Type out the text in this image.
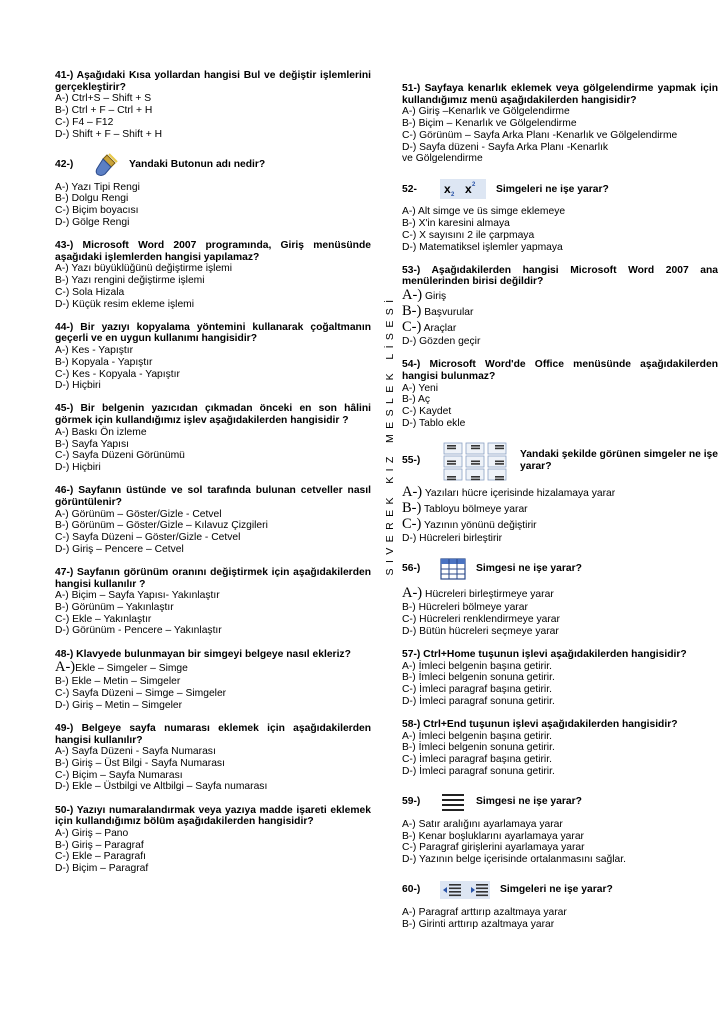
41-) Aşağıdaki Kısa yollardan hangisi Bul ve değiştir işlemlerini gerçekleştirir?
A-) Ctrl+S – Shift + S
B-) Ctrl + F – Ctrl + H
C-) F4 – F12
D-) Shift + F – Shift + H
42-)	Yandaki Butonun adı nedir?
A-) Yazı Tipi Rengi
B-) Dolgu Rengi
C-) Biçim boyacısı
D-) Gölge Rengi
43-) Microsoft Word 2007 programında, Giriş menüsünde aşağıdaki işlemlerden hangisi yapılamaz?
A-) Yazı büyüklüğünü değiştirme işlemi
B-) Yazı rengini değiştirme işlemi
C-) Sola Hizala
D-) Küçük resim ekleme işlemi
44-) Bir yazıyı kopyalama yöntemini kullanarak çoğaltmanın geçerli ve en uygun kullanımı hangisidir?
A-) Kes - Yapıştır
B-) Kopyala - Yapıştır
C-) Kes - Kopyala - Yapıştır
D-) Hiçbiri
45-) Bir belgenin yazıcıdan çıkmadan önceki en son hâlini görmek için kullandığımız işlev aşağıdakilerden hangisidir ?
A-) Baskı Ön izleme
B-) Sayfa Yapısı
C-) Sayfa Düzeni Görünümü
D-) Hiçbiri
46-) Sayfanın üstünde ve sol tarafında bulunan cetveller nasıl görüntülenir?
A-) Görünüm – Göster/Gizle - Cetvel
B-) Görünüm – Göster/Gizle – Kılavuz Çizgileri
C-) Sayfa Düzeni – Göster/Gizle - Cetvel
D-) Giriş – Pencere – Cetvel
47-) Sayfanın görünüm oranını değiştirmek için aşağıdakilerden hangisi kullanılır ?
A-) Biçim – Sayfa Yapısı- Yakınlaştır
B-) Görünüm – Yakınlaştır
C-) Ekle – Yakınlaştır
D-) Görünüm - Pencere – Yakınlaştır
48-) Klavyede bulunmayan bir simgeyi belgeye nasıl ekleriz?
A-)Ekle – Simgeler – Simge
B-) Ekle – Metin – Simgeler
C-) Sayfa Düzeni – Simge – Simgeler
D-) Giriş – Metin – Simgeler
49-) Belgeye sayfa numarası eklemek için aşağıdakilerden hangisi kullanılır?
A-) Sayfa Düzeni - Sayfa Numarası
B-) Giriş – Üst Bilgi - Sayfa Numarası
C-) Biçim – Sayfa Numarası
D-) Ekle – Üstbilgi ve Altbilgi – Sayfa numarası
50-) Yazıyı numaralandırmak veya yazıya madde işareti eklemek için kullandığımız bölüm aşağıdakilerden hangisidir?
A-) Giriş – Pano
B-) Giriş – Paragraf
C-) Ekle – Paragrafı
D-) Biçim – Paragraf
SIVEREK KIZ MESLEK LİSESİ
51-) Sayfaya kenarlık eklemek veya gölgelendirme yapmak için kullandığımız menü aşağıdakilerden hangisidir?
A-) Giriş –Kenarlık ve Gölgelendirme
B-) Biçim – Kenarlık ve Gölgelendirme
C-) Görünüm – Sayfa Arka Planı -Kenarlık ve Gölgelendirme
D-) Sayfa düzeni - Sayfa Arka Planı -Kenarlık
ve Gölgelendirme
52-	x 2 x 2 Simgeleri ne işe yarar?
A-) Alt simge ve üs simge eklemeye
B-) X'in karesini almaya
C-) X sayısını 2 ile çarpmaya
D-) Matematiksel işlemler yapmaya
53-) Aşağıdakilerden hangisi Microsoft Word 2007 ana menülerinden birisi değildir?
A-) Giriş
B-) Başvurular
C-) Araçlar
D-) Gözden geçir
54-) Microsoft Word'de Office menüsünde aşağıdakilerden hangisi bulunmaz?
A-) Yeni
B-) Aç
C-) Kaydet
D-) Tablo ekle
55-)
Yandaki şekilde görünen simgeler ne işe yarar?
A-) Yazıları hücre içerisinde hizalamaya yarar
B-) Tabloyu bölmeye yarar
C-) Yazının yönünü değiştirir
D-) Hücreleri birleştirir
56-)	Simgesi ne işe yarar?
A-) Hücreleri birleştirmeye yarar
B-) Hücreleri bölmeye yarar
C-) Hücreleri renklendirmeye yarar
D-) Bütün hücreleri seçmeye yarar
57-) Ctrl+Home tuşunun işlevi aşağıdakilerden hangisidir?
A-) İmleci belgenin başına getirir.
B-) İmleci belgenin sonuna getirir.
C-) İmleci paragraf başına getirir.
D-) İmleci paragraf sonuna getirir.
58-) Ctrl+End tuşunun işlevi aşağıdakilerden hangisidir?
A-) İmleci belgenin başına getirir.
B-) İmleci belgenin sonuna getirir.
C-) İmleci paragraf başına getirir.
D-) İmleci paragraf sonuna getirir.
59-)	Simgesi ne işe yarar?
A-) Satır aralığını ayarlamaya yarar
B-) Kenar boşluklarını ayarlamaya yarar
C-) Paragraf girişlerini ayarlamaya yarar
D-) Yazının belge içerisinde ortalanmasını sağlar.
60-)	Simgeleri ne işe yarar?
A-) Paragraf arttırıp azaltmaya yarar
B-) Girinti arttırıp azaltmaya yarar
